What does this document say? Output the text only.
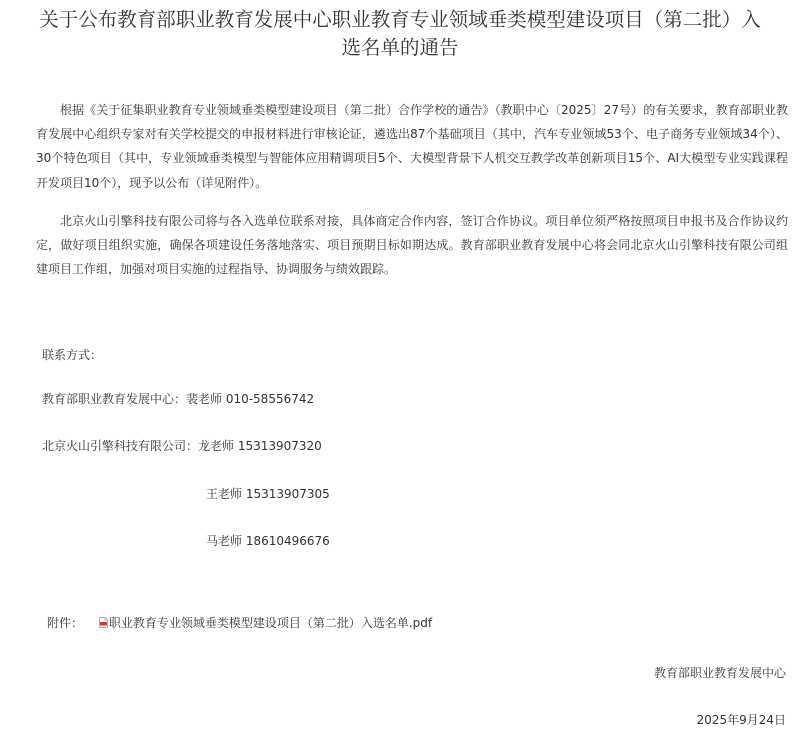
关于公布教育部职业教育发展中心职业教育专业领域垂类模型建设项目（第二批）入
选名单的通告

根据《关于征集职业教育专业领域垂类模型建设项目（第二批）合作学校的通告》（教职中心〔2025〕27号）的有关要求，教育部职业教育发展中心组织专家对有关学校提交的申报材料进行审核论证，遴选出87个基础项目（其中，汽车专业领域53个、电子商务专业领域34个）、30个特色项目（其中，专业领域垂类模型与智能体应用精调项目5个、大模型背景下人机交互教学改革创新项目15个、AI大模型专业实践课程开发项目10个），现予以公布（详见附件）。

北京火山引擎科技有限公司将与各入选单位联系对接，具体商定合作内容，签订合作协议。项目单位须严格按照项目申报书及合作协议约定，做好项目组织实施，确保各项建设任务落地落实、项目预期目标如期达成。教育部职业教育发展中心将会同北京火山引擎科技有限公司组建项目工作组，加强对项目实施的过程指导、协调服务与绩效跟踪。

联系方式：
教育部职业教育发展中心：裴老师 010-58556742
北京火山引擎科技有限公司：龙老师 15313907320
王老师 15313907305
马老师 18610496676
附件： 职业教育专业领域垂类模型建设项目（第二批）入选名单.pdf
教育部职业教育发展中心
2025年9月24日
